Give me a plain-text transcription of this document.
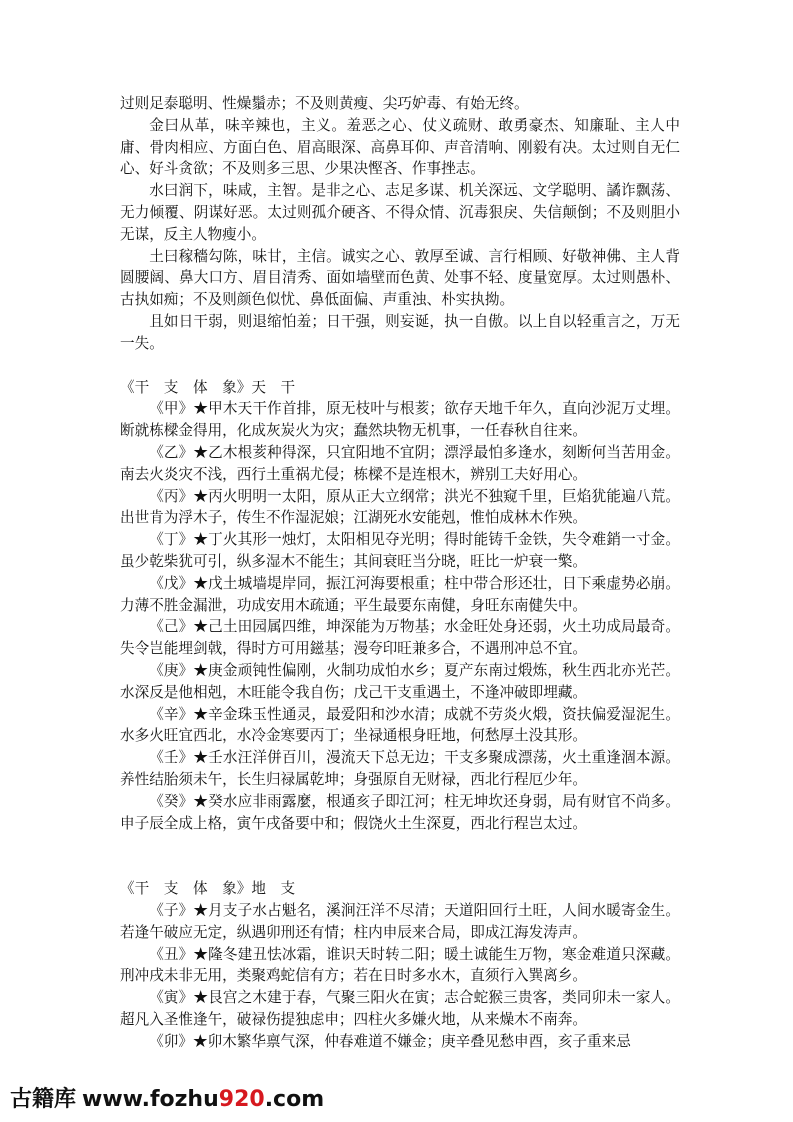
过则足泰聪明、性燥鬚赤；不及则黄瘦、尖巧妒毒、有始无终。

金曰从革，味辛辣也，主义。羞恶之心、仗义疏财、敢勇豪杰、知廉耻、主人中庸、骨肉相应、方面白色、眉高眼深、高鼻耳仰、声音清响、刚毅有决。太过则自无仁心、好斗贪欲；不及则多三思、少果决慳吝、作事挫志。

水曰润下，味咸，主智。是非之心、志足多谋、机关深远、文学聪明、譎诈飘荡、无力倾覆、阴谋好恶。太过则孤介硬吝、不得众情、沉毒狠戾、失信颠倒；不及则胆小无谋，反主人物瘦小。

土曰稼穡勾陈，味甘，主信。诚实之心、敦厚至诚、言行相顾、好敬神佛、主人背圆腰阔、鼻大口方、眉目清秀、面如墙壁而色黄、处事不轻、度量宽厚。太过则愚朴、古执如痴；不及则颜色似忧、鼻低面偏、声重浊、朴实执拗。

且如日干弱，则退缩怕羞；日干强，则妄诞，执一自傲。以上自以轻重言之，万无一失。

《干　支　体　象》天　干

《甲》★甲木天干作首排，原无枝叶与根荄；欲存天地千年久，直向沙泥万丈埋。断就栋樑金得用，化成灰炭火为灾；蠢然块物无机事，一任春秋自往来。

《乙》★乙木根荄种得深，只宜阳地不宜阴；漂浮最怕多逢水，刻断何当苦用金。南去火炎灾不浅，西行土重祸尤侵；栋樑不是连根木，辨别工夫好用心。

《丙》★丙火明明一太阳，原从正大立纲常；洪光不独窥千里，巨焰犹能遍八荒。出世肯为浮木子，传生不作湿泥娘；江湖死水安能剋，惟怕成林木作殃。

《丁》★丁火其形一烛灯，太阳相见夺光明；得时能铸千金铁，失令难銷一寸金。虽少乾柴犹可引，纵多湿木不能生；其间衰旺当分晓，旺比一炉衰一檠。

《戊》★戊土城墙堤岸同，振江河海要根重；柱中带合形还壮，日下乘虚势必崩。力薄不胜金漏泄，功成安用木疏通；平生最要东南健，身旺东南健失中。

《己》★己土田园属四维，坤深能为万物基；水金旺处身还弱，火土功成局最奇。失令岂能埋剑戟，得时方可用鎡基；漫夸印旺兼多合，不遇刑冲总不宜。

《庚》★庚金顽钝性偏刚，火制功成怕水乡；夏产东南过煅炼，秋生西北亦光芒。水深反是他相剋，木旺能令我自伤；戊己干支重遇土，不逢冲破即埋藏。

《辛》★辛金珠玉性通灵，最爱阳和沙水清；成就不劳炎火煅，资扶偏爱湿泥生。水多火旺宜西北，水冷金寒要丙丁；坐禄通根身旺地，何愁厚土没其形。

《壬》★壬水汪洋併百川，漫流天下总无边；干支多聚成漂荡，火土重逢涸本源。养性结胎须未午，长生归禄属乾坤；身强原自无财禄，西北行程厄少年。

《癸》★癸水应非雨露麼，根通亥子即江河；柱无坤坎还身弱，局有财官不尚多。申子辰全成上格，寅午戌备要中和；假饶火土生深夏，西北行程岂太过。

《干　支　体　象》地　支

《子》★月支子水占魁名，溪涧汪洋不尽清；天道阳回行土旺，人间水暖寄金生。若逢午破应无定，纵遇卯刑还有情；柱内申辰来合局，即成江海发涛声。

《丑》★隆冬建丑怯冰霜，谁识天时转二阳；暖土诚能生万物，寒金难道只深藏。刑冲戌未非无用，类聚鸡蛇信有方；若在日时多水木，直须行入巽离乡。

《寅》★艮宫之木建于春，气聚三阳火在寅；志合蛇猴三贵客，类同卯未一家人。超凡入圣惟逢午，破禄伤提独虑申；四柱火多嫌火地，从来燥木不南奔。

《卯》★卯木繁华禀气深，仲春难道不嫌金；庚辛叠见愁申酉，亥子重来忌

古籍库 www.fozhu920.com
